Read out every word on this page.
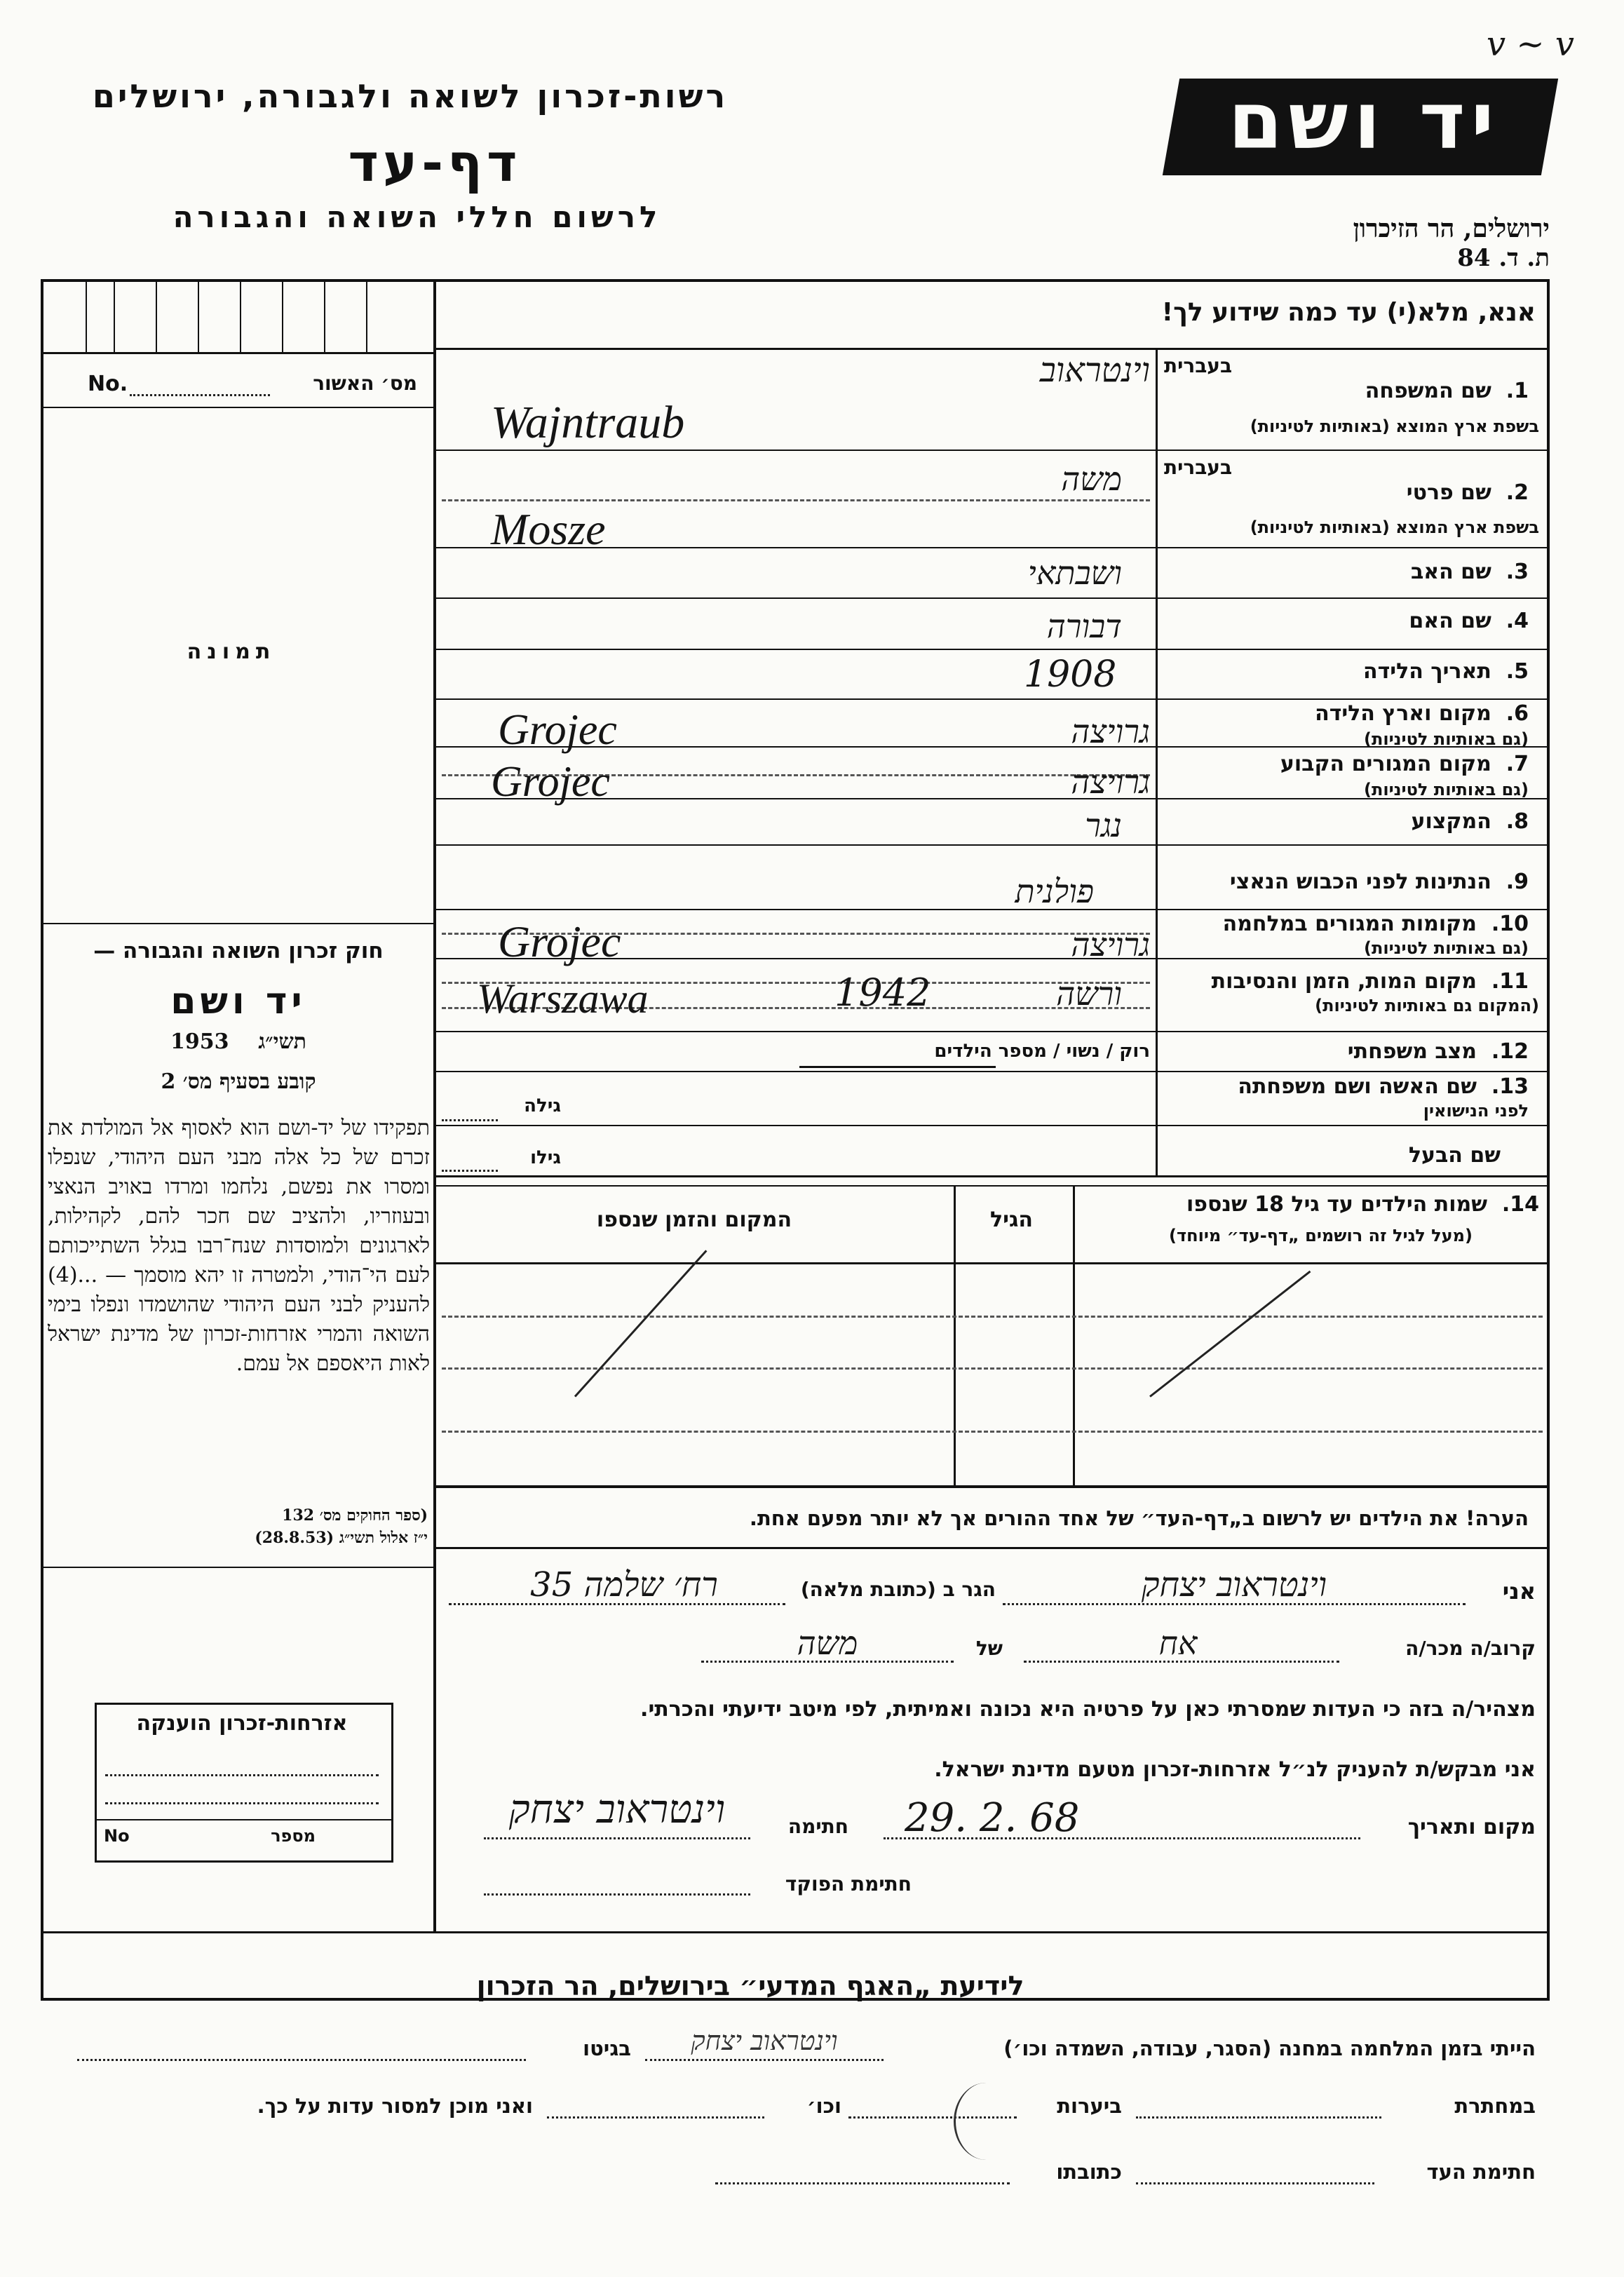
רשות-זכרון לשואה ולגבורה, ירושלים
דף-עד
לרשום חללי השואה והגבורה
יד ושם
ירושלים, הר הזיכרון
ת. ד. 84
v ~ v
אנא, מלא(י) עד כמה שידוע לך!
No.	מס׳ האשור
תמונה
חוק זכרון השואה והגבורה —
יד ושם
תשי״ג    1953
קובע בסעיף מס׳ 2
תפקידו של יד-ושם הוא לאסוף אל המולדת את זכרם של כל אלה מבני העם היהודי, שנפלו ומסרו את נפשם, נלחמו ומרדו באויב הנאצי ובעוזריו, ולהציב שם חכר להם, לקהילות, לארגונים ולמוסדות שנח־רבו בגלל השתייכותם לעם הי־הודי, ולמטרה זו יהא מוסמך — ...(4) להעניק לבני העם היהודי שהושמדו ונפלו בימי השואה והמרי אזרחות-זכרון של מדינת ישראל לאות היאספם אל עמם.
(ספר החוקים מס׳ 132
י״ז אלול תשי״ג (28.8.53)
אזרחות-זכרון הוענקה
No	מספר
בעברית
1.  שם המשפחה
בשפת ארץ המוצא (באותיות לטיניות)
וינטראוב
Wajntraub
בעברית
2.  שם פרטי
בשפת ארץ המוצא (באותיות לטיניות)
משה
Mosze
3.  שם האב
ושבתאי
4.  שם האם
דבורה
5.  תאריך הלידה
1908
6.  מקום וארץ הלידה
(גם באותיות לטיניות)
גרויצה
Grojec
7.  מקום המגורים הקבוע
(גם באותיות לטיניות)
גרויצה
Grojec
8.  המקצוע
נגר
9.  הנתינות לפני הכבוש הנאצי
פולנית
10.  מקומות המגורים במלחמה
(גם באותיות לטיניות)
גרויצה
Grojec
11.  מקום המות, הזמן והנסיבות
(המקום גם באותיות לטיניות)
ורשה
1942
Warszawa
12.  מצב משפחתי
רוק / נשוי / מספר הילדים
13.  שם האשה ושם משפחתה
לפני הנישואין
גילה
שם הבעל
גילו
14.  שמות הילדים עד גיל 18 שנספו
(מעל לגיל זה רושמים „דף-עד״ מיוחד)
הגיל
המקום והזמן שנספו
הערה! את הילדים יש לרשום ב„דף-העד״ של אחד ההורים אך לא יותר מפעם אחת.
אני
וינטראוב יצחק
הגר ב (כתובת מלאה)
רח׳ שלמה 35
קרוב/ה מכר/ה
אח
של
משה
מצהיר/ה בזה כי העדות שמסרתי כאן על פרטיה היא נכונה ואמיתית, לפי מיטב ידיעתי והכרתי.
אני מבקש/ת להעניק לנ״ל אזרחות-זכרון מטעם מדינת ישראל.
מקום ותאריך
29. 2. 68
חתימה
וינטראוב יצחק
חתימת הפוקד
לידיעת „האגף המדעי״ בירושלים, הר הזכרון
הייתי בזמן המלחמה במחנה (הסגר, עבודה, השמדה וכו׳)
וינטראוב יצחק
בגיטו
במחתרת
ביערות
וכו׳
ואני מוכן למסור עדות על כך.
חתימת העד
כתובתו
